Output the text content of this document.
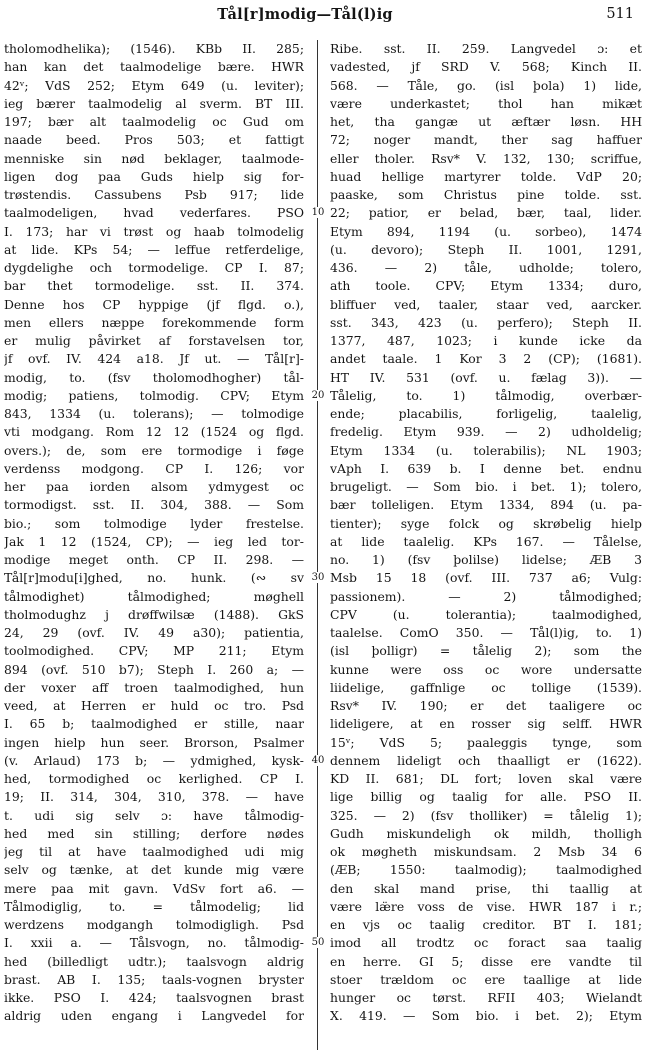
Tål[r]modig—Tål(l)ig	511
tholomodhelika); (1546). KBb II. 285;
han kan det taalmodelige bære. HWR
42ᵛ; VdS 252; Etym 649 (u. leviter);
ieg bærer taalmodelig al sverm. BT III.
197; bær alt taalmodelig oc Gud om
naade beed. Pros 503; et fattigt
menniske sin nød beklager, taalmode-
ligen dog paa Guds hielp sig for-
trøstendis. Cassubens Psb 917; lide
taalmodeligen, hvad vederfares. PSO
I. 173; har vi trøst og haab tolmodelig
at lide. KPs 54; — leffue retferdelige,
dygdelighe och tormodelige. CP I. 87;
bar thet tormodelige. sst. II. 374.
Denne hos CP hyppige (jf flgd. o.),
men ellers næppe forekommende form
er mulig påvirket af forstavelsen tor,
jf ovf. IV. 424 a18. Jf ut. — Tål[r]-
modig, to. (fsv tholomodhogher) tål-
modig; patiens, tolmodig. CPV; Etym
843, 1334 (u. tolerans); — tolmodige
vti modgang. Rom 12 12 (1524 og flgd.
overs.); de, som ere tormodige i føge
verdenss modgong. CP I. 126; vor
her paa iorden alsom ydmygest oc
tormodigst. sst. II. 304, 388. — Som
bio.; som tolmodige lyder frestelse.
Jak 1 12 (1524, CP); — ieg led tor-
modige meget onth. CP II. 298. —
Tål[r]modu[i]ghed, no. hunk. (∾ sv
tålmodighet) tålmodighed; møghell
tholmodughz j drøffwilsæ (1488). GkS
24, 29 (ovf. IV. 49 a30); patientia,
toolmodighed. CPV; MP 211; Etym
894 (ovf. 510 b7); Steph I. 260 a; —
der voxer aff troen taalmodighed, hun
veed, at Herren er huld oc tro. Psd
I. 65 b; taalmodighed er stille, naar
ingen hielp hun seer. Brorson, Psalmer
(v. Arlaud) 173 b; — ydmighed, kysk-
hed, tormodighed oc kerlighed. CP I.
19; II. 314, 304, 310, 378. — have
t. udi sig selv ɔ: have tålmodig-
hed med sin stilling; derfore nødes
jeg til at have taalmodighed udi mig
selv og tænke, at det kunde mig være
mere paa mit gavn. VdSv fort a6. —
Tålmodiglig, to. = tålmodelig; lid
werdzens modgangh tolmodigligh. Psd
I. xxii a. — Tålsvogn, no. tålmodig-
hed (billedligt udtr.); taalsvogn aldrig
brast. AB I. 135; taals-vognen bryster
ikke. PSO I. 424; taalsvognen brast
aldrig uden engang i Langvedel for
Ribe. sst. II. 259. Langvedel ɔ: et
vadested, jf SRD V. 568; Kinch II.
568. — Tåle, go. (isl þola) 1) lide,
være underkastet; thol han mikæt
het, tha gangæ ut æftær løsn. HH
72; noger mandt, ther sag haffuer
eller tholer. Rsv* V. 132, 130; scriffue,
huad hellige martyrer tolde. VdP 20;
paaske, som Christus pine tolde. sst.
22; patior, er belad, bær, taal, lider.
Etym 894, 1194 (u. sorbeo), 1474
(u. devoro); Steph II. 1001, 1291,
436. — 2) tåle, udholde; tolero,
ath toole. CPV; Etym 1334; duro,
bliffuer ved, taaler, staar ved, aarcker.
sst. 343, 423 (u. perfero); Steph II.
1377, 487, 1023; i kunde icke da
andet taale. 1 Kor 3 2 (CP); (1681).
HT IV. 531 (ovf. u. fælag 3)). —
Tålelig, to. 1) tålmodig, overbær-
ende; placabilis, forligelig, taalelig,
fredelig. Etym 939. — 2) udholdelig;
Etym 1334 (u. tolerabilis); NL 1903;
vAph I. 639 b. I denne bet. endnu
brugeligt. — Som bio. i bet. 1); tolero,
bær tolleligen. Etym 1334, 894 (u. pa-
tienter); syge folck og skrøbelig hielp
at lide taalelig. KPs 167. — Tålelse,
no. 1) (fsv þolilse) lidelse; ÆB 3
Msb 15 18 (ovf. III. 737 a6; Vulg:
passionem). — 2) tålmodighed;
CPV (u. tolerantia); taalmodighed,
taalelse. ComO 350. — Tål(l)ig, to. 1)
(isl þolligr) = tålelig 2); som the
kunne were oss oc wore undersatte
liidelige, gaffnlige oc tollige (1539).
Rsv* IV. 190; er det taaligere oc
lideligere, at en rosser sig selff. HWR
15ᵛ; VdS 5; paaleggis tynge, som
dennem lideligt och thaalligt er (1622).
KD II. 681; DL fort; loven skal være
lige billig og taalig for alle. PSO II.
325. — 2) (fsv tholliker) = tålelig 1);
Gudh miskundeligh ok mildh, tholligh
ok møgheth miskundsam. 2 Msb 34 6
(ÆB; 1550: taalmodig); taalmodighed
den skal mand prise, thi taallig at
være læ̈re voss de vise. HWR 187 i r.;
en vjs oc taalig creditor. BT I. 181;
imod all trodtz oc foract saa taalig
en herre. GI 5; disse ere vandte til
stoer trældom oc ere taallige at lide
hunger oc tørst. RFII 403; Wielandt
X. 419. — Som bio. i bet. 2); Etym
10
20
30
40
50
